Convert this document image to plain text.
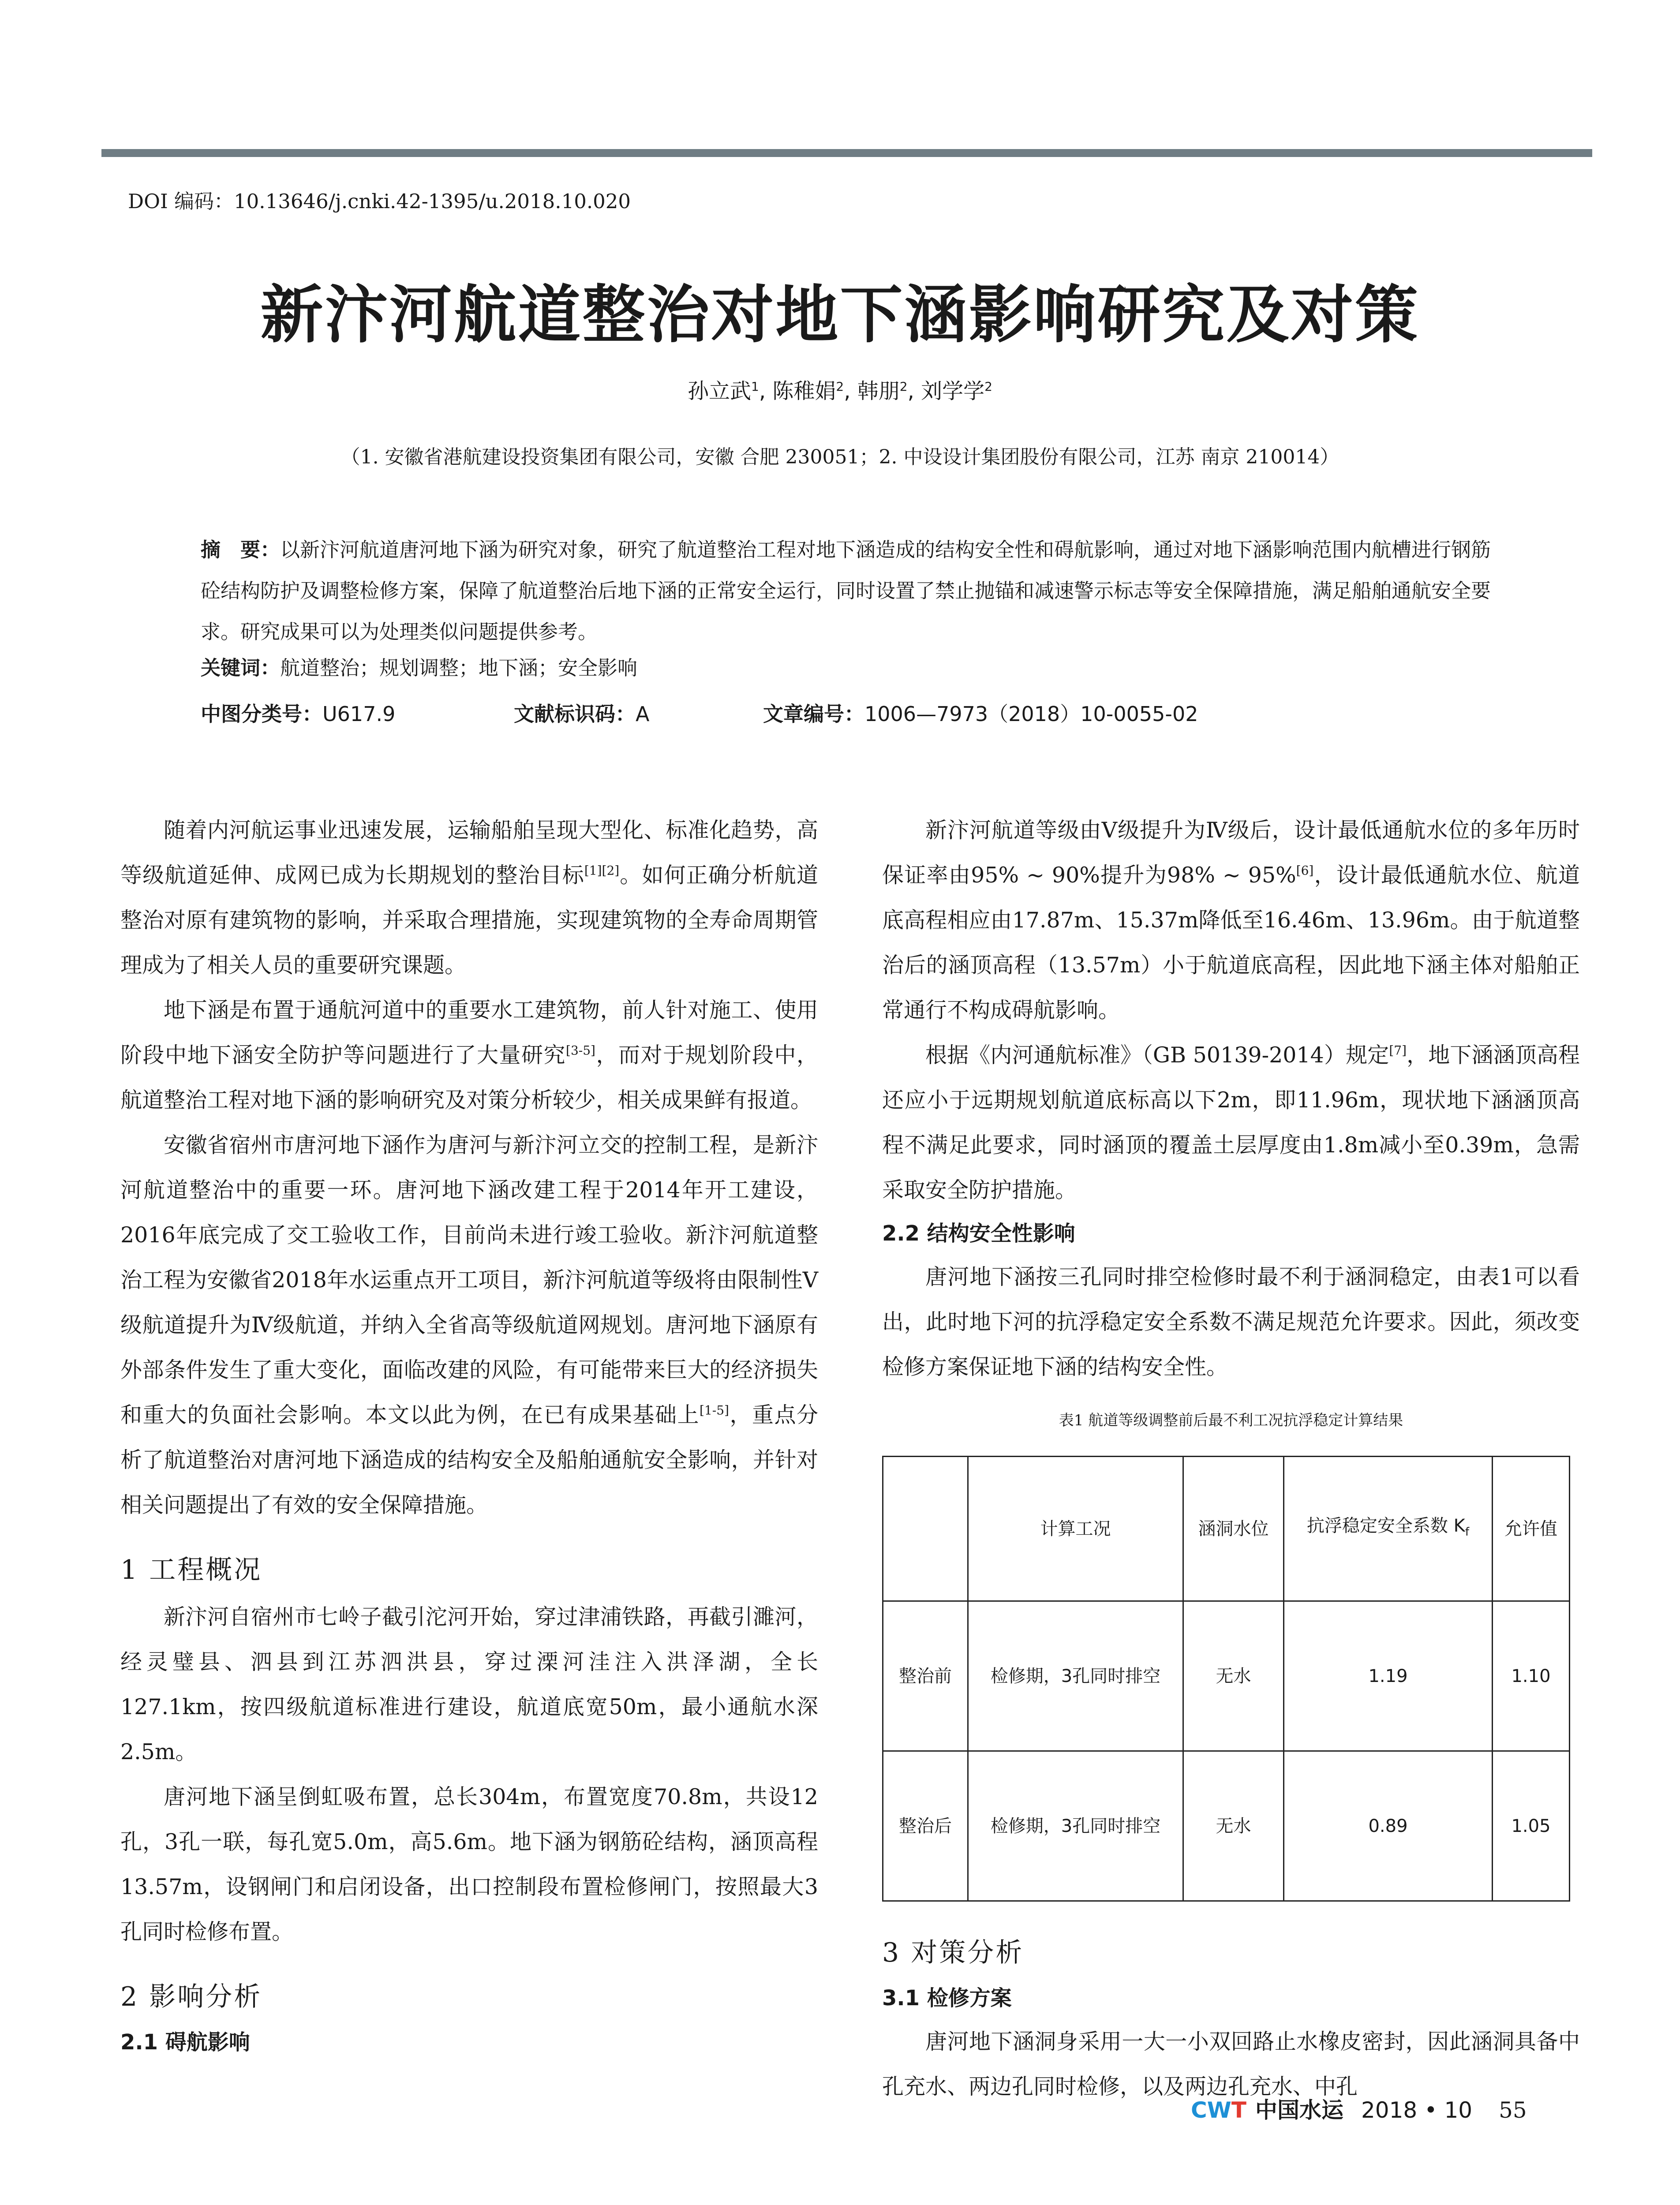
DOI 编码：10.13646/j.cnki.42-1395/u.2018.10.020
新汴河航道整治对地下涵影响研究及对策
孙立武$^1$, 陈稚娟$^2$, 韩朋$^2$, 刘学学$^2$
（1. 安徽省港航建设投资集团有限公司，安徽 合肥 230051；2. 中设设计集团股份有限公司，江苏 南京 210014）
摘　要：以新汴河航道唐河地下涵为研究对象，研究了航道整治工程对地下涵造成的结构安全性和碍航影响，通过对地下涵影响范围内航槽进行钢筋砼结构防护及调整检修方案，保障了航道整治后地下涵的正常安全运行，同时设置了禁止抛锚和减速警示标志等安全保障措施，满足船舶通航安全要求。研究成果可以为处理类似问题提供参考。
关键词：航道整治；规划调整；地下涵；安全影响
中图分类号：U617.9	文献标识码：A	文章编号：1006—7973（2018）10-0055-02

随着内河航运事业迅速发展，运输船舶呈现大型化、标准化趋势，高等级航道延伸、成网已成为长期规划的整治目标[1][2]。如何正确分析航道整治对原有建筑物的影响，并采取合理措施，实现建筑物的全寿命周期管理成为了相关人员的重要研究课题。

地下涵是布置于通航河道中的重要水工建筑物，前人针对施工、使用阶段中地下涵安全防护等问题进行了大量研究[3-5]，而对于规划阶段中，航道整治工程对地下涵的影响研究及对策分析较少，相关成果鲜有报道。

安徽省宿州市唐河地下涵作为唐河与新汴河立交的控制工程，是新汴河航道整治中的重要一环。唐河地下涵改建工程于2014年开工建设，2016年底完成了交工验收工作，目前尚未进行竣工验收。新汴河航道整治工程为安徽省2018年水运重点开工项目，新汴河航道等级将由限制性Ⅴ级航道提升为Ⅳ级航道，并纳入全省高等级航道网规划。唐河地下涵原有外部条件发生了重大变化，面临改建的风险，有可能带来巨大的经济损失和重大的负面社会影响。本文以此为例，在已有成果基础上[1-5]，重点分析了航道整治对唐河地下涵造成的结构安全及船舶通航安全影响，并针对相关问题提出了有效的安全保障措施。

1 工程概况

新汴河自宿州市七岭子截引沱河开始，穿过津浦铁路，再截引濉河，经灵璧县、泗县到江苏泗洪县，穿过溧河洼注入洪泽湖，全长127.1km，按四级航道标准进行建设，航道底宽50m，最小通航水深2.5m。

唐河地下涵呈倒虹吸布置，总长304m，布置宽度70.8m，共设12孔，3孔一联，每孔宽5.0m，高5.6m。地下涵为钢筋砼结构，涵顶高程13.57m，设钢闸门和启闭设备，出口控制段布置检修闸门，按照最大3孔同时检修布置。

2 影响分析
2.1 碍航影响

新汴河航道等级由Ⅴ级提升为Ⅳ级后，设计最低通航水位的多年历时保证率由95% ~ 90%提升为98% ~ 95%[6]，设计最低通航水位、航道底高程相应由17.87m、15.37m降低至16.46m、13.96m。由于航道整治后的涵顶高程（13.57m）小于航道底高程，因此地下涵主体对船舶正常通行不构成碍航影响。

根据《内河通航标准》（GB 50139-2014）规定[7]，地下涵涵顶高程还应小于远期规划航道底标高以下2m，即11.96m，现状地下涵涵顶高程不满足此要求，同时涵顶的覆盖土层厚度由1.8m减小至0.39m，急需采取安全防护措施。

2.2 结构安全性影响

唐河地下涵按三孔同时排空检修时最不利于涵洞稳定，由表1可以看出，此时地下河的抗浮稳定安全系数不满足规范允许要求。因此，须改变检修方案保证地下涵的结构安全性。

表1 航道等级调整前后最不利工况抗浮稳定计算结果
	计算工况	涵洞水位	抗浮稳定安全系数 $K_f$	允许值
整治前	检修期，3孔同时排空	无水	1.19	1.10
整治后	检修期，3孔同时排空	无水	0.89	1.05
3 对策分析
3.1 检修方案

唐河地下涵洞身采用一大一小双回路止水橡皮密封，因此涵洞具备中孔充水、两边孔同时检修，以及两边孔充水、中孔

CWT 中国水运 2018 • 10 55
